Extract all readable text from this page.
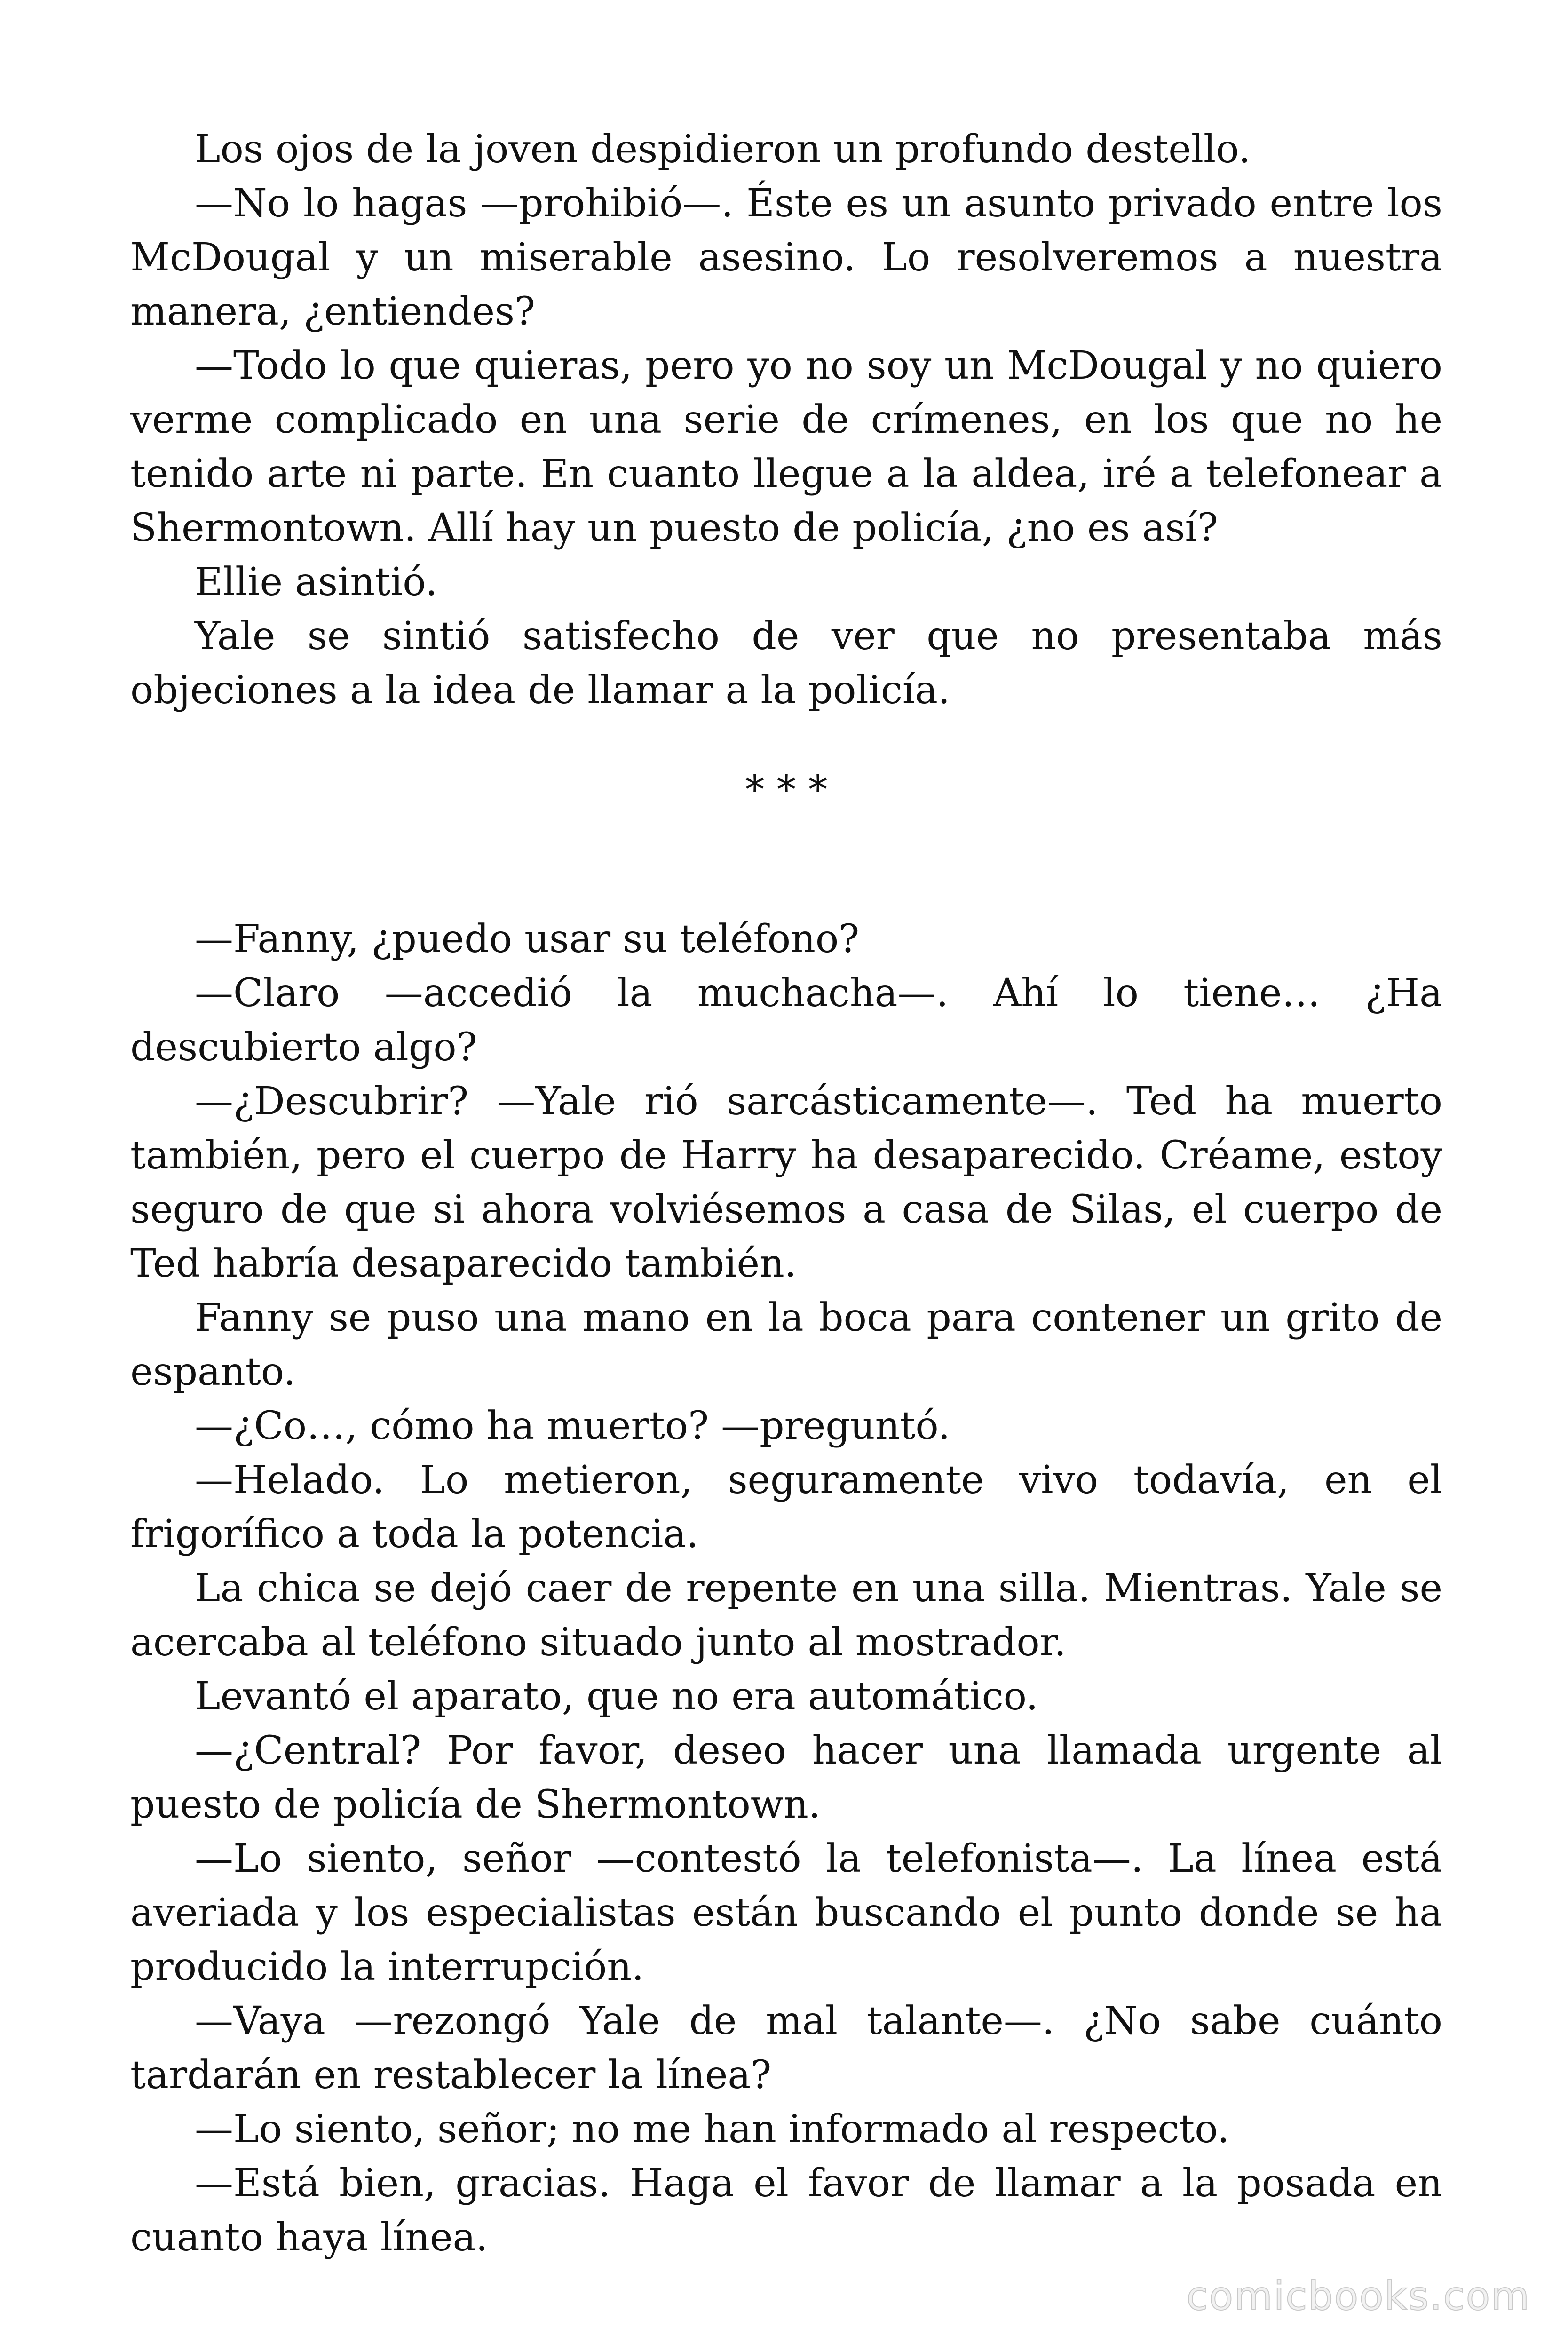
Los ojos de la joven despidieron un profundo destello.

—No lo hagas —prohibió—. Éste es un asunto privado entre los McDougal y un miserable asesino. Lo resolveremos a nuestra manera, ¿entiendes?

—Todo lo que quieras, pero yo no soy un McDougal y no quiero verme complicado en una serie de crímenes, en los que no he tenido arte ni parte. En cuanto llegue a la aldea, iré a telefonear a Shermontown. Allí hay un puesto de policía, ¿no es así?

Ellie asintió.

Yale se sintió satisfecho de ver que no presentaba más objeciones a la idea de llamar a la policía.

* * *

—Fanny, ¿puedo usar su teléfono?

—Claro —accedió la muchacha—. Ahí lo tiene… ¿Ha descubierto algo?

—¿Descubrir? —Yale rió sarcásticamente—. Ted ha muerto también, pero el cuerpo de Harry ha desaparecido. Créame, estoy seguro de que si ahora volviésemos a casa de Silas, el cuerpo de Ted habría desaparecido también.

Fanny se puso una mano en la boca para contener un grito de espanto.

—¿Co…, cómo ha muerto? —preguntó.

—Helado. Lo metieron, seguramente vivo todavía, en el frigorífico a toda la potencia.

La chica se dejó caer de repente en una silla. Mientras. Yale se acercaba al teléfono situado junto al mostrador.

Levantó el aparato, que no era automático.

—¿Central? Por favor, deseo hacer una llamada urgente al puesto de policía de Shermontown.

—Lo siento, señor —contestó la telefonista—. La línea está averiada y los especialistas están buscando el punto donde se ha producido la interrupción.

—Vaya —rezongó Yale de mal talante—. ¿No sabe cuánto tardarán en restablecer la línea?

—Lo siento, señor; no me han informado al respecto.

—Está bien, gracias. Haga el favor de llamar a la posada en cuanto haya línea.

comicbooks.com
